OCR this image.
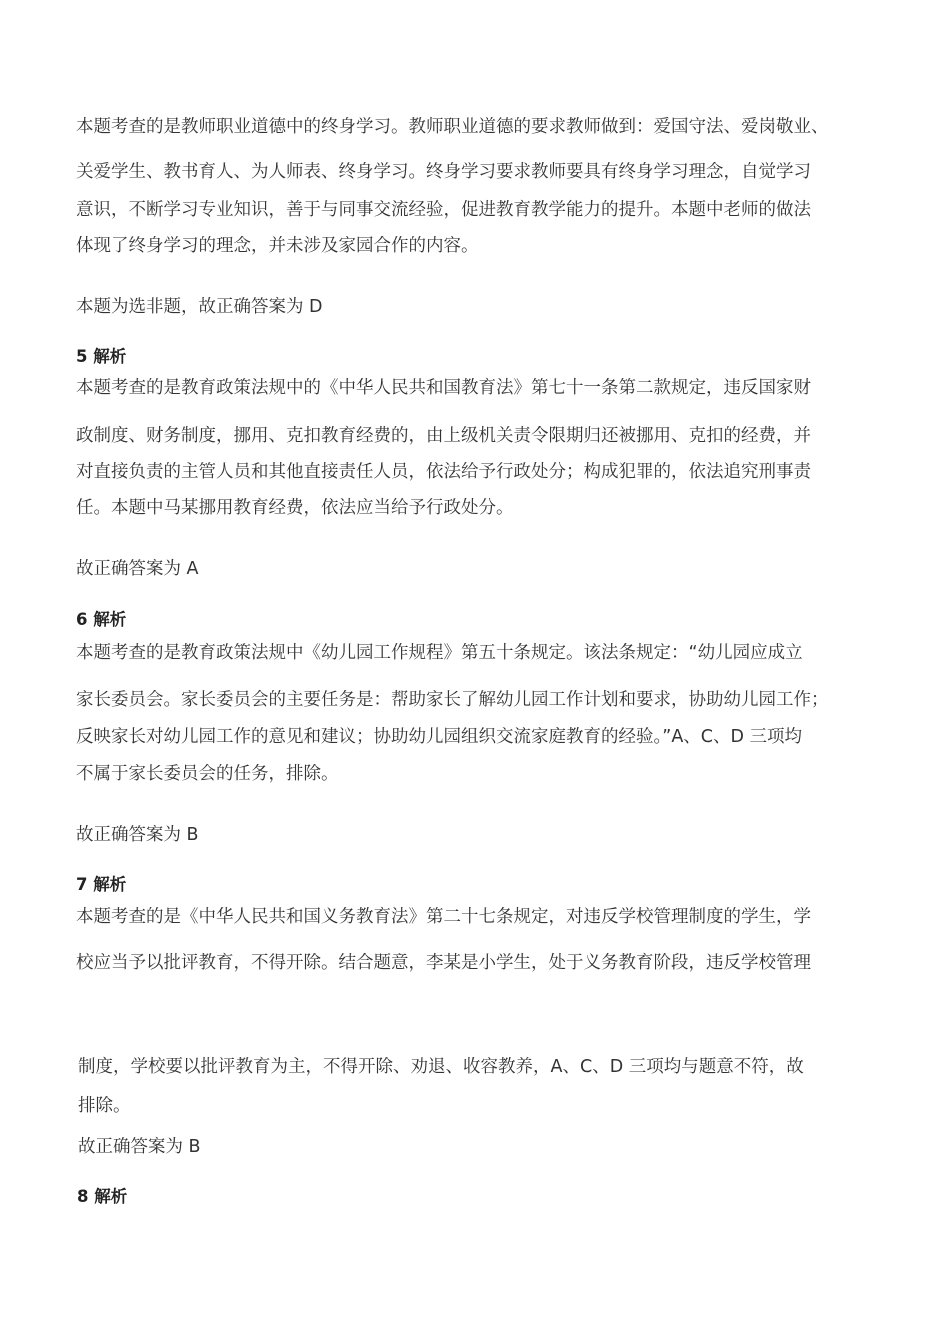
本题考查的是教师职业道德中的终身学习。教师职业道德的要求教师做到：爱国守法、爱岗敬业、
关爱学生、教书育人、为人师表、终身学习。终身学习要求教师要具有终身学习理念，自觉学习
意识，不断学习专业知识，善于与同事交流经验，促进教育教学能力的提升。本题中老师的做法
体现了终身学习的理念，并未涉及家园合作的内容。
本题为选非题，故正确答案为 D
5 解析
本题考查的是教育政策法规中的《中华人民共和国教育法》第七十一条第二款规定，违反国家财
政制度、财务制度，挪用、克扣教育经费的，由上级机关责令限期归还被挪用、克扣的经费，并
对直接负责的主管人员和其他直接责任人员，依法给予行政处分；构成犯罪的，依法追究刑事责
任。本题中马某挪用教育经费，依法应当给予行政处分。
故正确答案为 A
6 解析
本题考查的是教育政策法规中《幼儿园工作规程》第五十条规定。该法条规定：“幼儿园应成立
家长委员会。家长委员会的主要任务是：帮助家长了解幼儿园工作计划和要求，协助幼儿园工作；
反映家长对幼儿园工作的意见和建议；协助幼儿园组织交流家庭教育的经验。”A、C、D 三项均
不属于家长委员会的任务，排除。
故正确答案为 B
7 解析
本题考查的是《中华人民共和国义务教育法》第二十七条规定，对违反学校管理制度的学生，学
校应当予以批评教育，不得开除。结合题意，李某是小学生，处于义务教育阶段，违反学校管理
制度，学校要以批评教育为主，不得开除、劝退、收容教养，A、C、D 三项均与题意不符，故
排除。
故正确答案为 B
8 解析
